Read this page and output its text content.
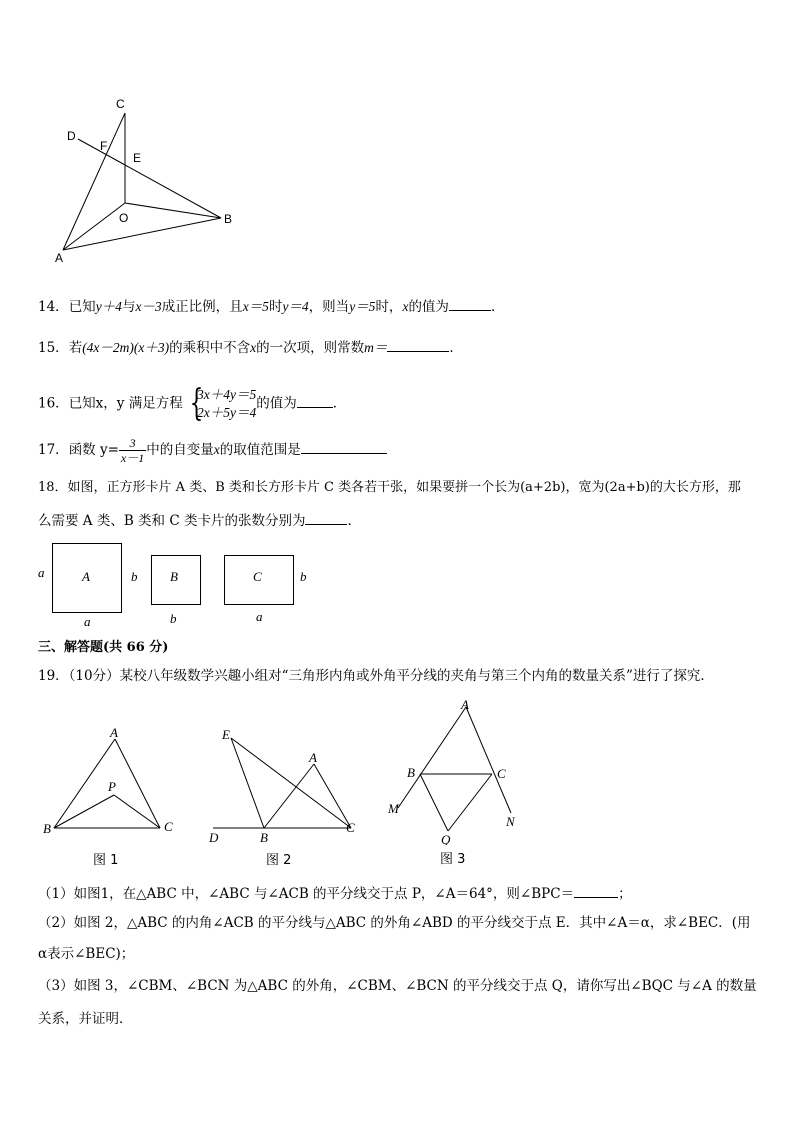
C
D
F
E
O	B
A
14．已知y＋4与x－3成正比例，且x＝5时y＝4，则当y＝5时，x的值为	．
15．若(4x－2m)(x＋3)的乘积中不含x的一次项，则常数m＝	．
16．已知x，y 满足方程 {
3x＋4y＝5
2x＋5y＝4
的值为	．
17．函数 $y= \frac{3}{x-1}$ 中的自变量x的取值范围是
18．如图，正方形卡片 A 类、B 类和长方形卡片 C 类各若干张，如果要拼一个长为(a+2b)，宽为(2a+b)的大长方形，那
么需要 A 类、B 类和 C 类卡片的张数分别为	．
A
a
a
B
b
b
C	b
a
三、解答题(共 66 分)
19．（10分）某校八年级数学兴趣小组对“三角形内角或外角平分线的夹角与第三个内角的数量关系”进行了探究．
A
P
B	C
图 1
E
A
D	B
C
图 2
A
B	C
M
Q
N
图 3
（1）如图1，在△ABC 中，∠ABC 与∠ACB 的平分线交于点 P，∠A＝64°，则∠BPC＝	；
（2）如图 2，△ABC 的内角∠ACB 的平分线与△ABC 的外角∠ABD 的平分线交于点 E．其中∠A＝α，求∠BEC．(用
α表示∠BEC)；
（3）如图 3，∠CBM、∠BCN 为△ABC 的外角，∠CBM、∠BCN 的平分线交于点 Q，请你写出∠BQC 与∠A 的数量
关系，并证明．
